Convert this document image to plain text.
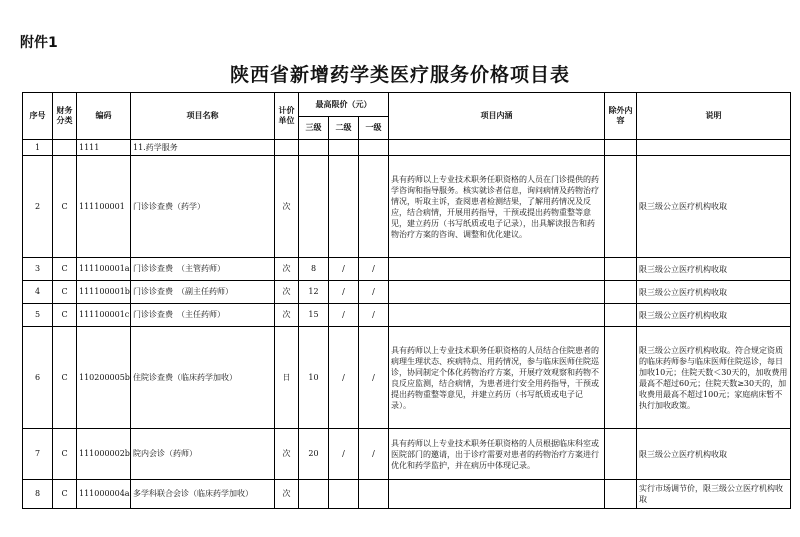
附件1
陕西省新增药学类医疗服务价格项目表
序号	财务分类	编码	项目名称	计价单位	最高限价（元）			项目内涵	除外内容	说明
					三级	二级	一级			
1		1111	11.药学服务							
2	C	111100001	门诊诊查费（药学）	次				具有药师以上专业技术职务任职资格的人员在门诊提供的药学咨询和指导服务。核实就诊者信息，询问病情及药物治疗情况，听取主诉，查阅患者检测结果，了解用药情况及反应，结合病情，开展用药指导，干预或提出药物重整等意见，建立药历（书写纸质或电子记录），出具解读报告和药物治疗方案的咨询、调整和优化建议。		限三级公立医疗机构收取
3	C	111100001a	门诊诊查费　（主管药师）	次	8	/	/			限三级公立医疗机构收取
4	C	111100001b	门诊诊查费　（副主任药师）	次	12	/	/			限三级公立医疗机构收取
5	C	111100001c	门诊诊查费　（主任药师）	次	15	/	/			限三级公立医疗机构收取
6	C	110200005b	住院诊查费（临床药学加收）	日	10	/	/	具有药师以上专业技术职务任职资格的人员结合住院患者的病理生理状态、疾病特点、用药情况，参与临床医师住院巡诊，协同制定个体化药物治疗方案，开展疗效观察和药物不良反应监测，结合病情，为患者进行安全用药指导，干预或提出药物重整等意见，并建立药历（书写纸质或电子记录）。		限三级公立医疗机构收取。符合规定资质的临床药师参与临床医师住院巡诊，每日加收10元；住院天数＜30天的，加收费用最高不超过60元；住院天数≥30天的，加收费用最高不超过100元；家庭病床暂不执行加收政策。
7	C	111000002b	院内会诊（药师）	次	20	/	/	具有药师以上专业技术职务任职资格的人员根据临床科室或医院部门的邀请，出于诊疗需要对患者的药物治疗方案进行优化和药学监护，并在病历中体现记录。		限三级公立医疗机构收取
8	C	111000004a	多学科联合会诊（临床药学加收）	次						实行市场调节价，限三级公立医疗机构收取
